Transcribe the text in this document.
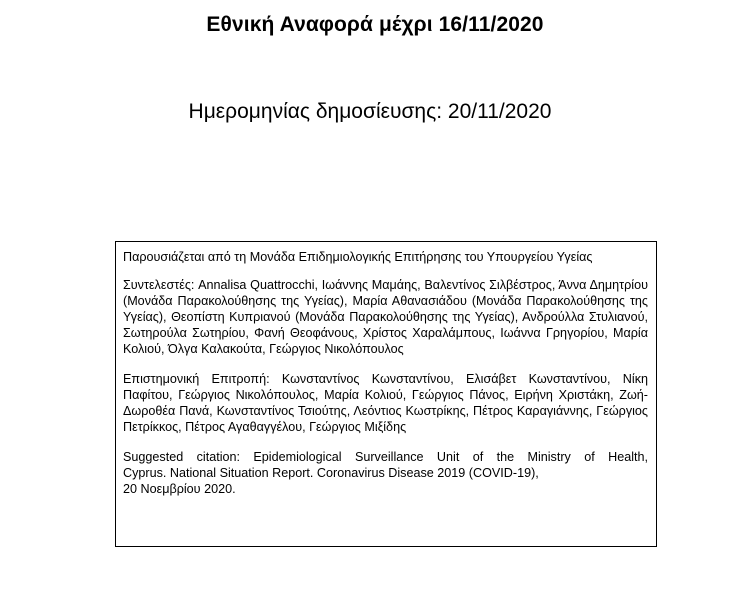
Εθνική Αναφορά μέχρι 16/11/2020
Ημερομηνίας δημοσίευσης: 20/11/2020

Παρουσιάζεται από τη Μονάδα Επιδημιολογικής Επιτήρησης του Υπουργείου Υγείας

Συντελεστές: Annalisa Quattrocchi, Ιωάννης Μαμάης, Βαλεντίνος Σιλβέστρος, Άννα Δημητρίου (Μονάδα Παρακολούθησης της Υγείας), Μαρία Αθανασιάδου (Μονάδα Παρακολούθησης της Υγείας), Θεοπίστη Κυπριανού (Μονάδα Παρακολούθησης της Υγείας), Ανδρούλλα Στυλιανού, Σωτηρούλα Σωτηρίου, Φανή Θεοφάνους, Χρίστος Χαραλάμπους, Ιωάννα Γρηγορίου, Μαρία Κολιού, Όλγα Καλακούτα, Γεώργιος Νικολόπουλος

Επιστημονική Επιτροπή: Κωνσταντίνος Κωνσταντίνου, Ελισάβετ Κωνσταντίνου, Νίκη Παφίτου, Γεώργιος Νικολόπουλος, Μαρία Κολιού, Γεώργιος Πάνος, Ειρήνη Χριστάκη, Ζωή-Δωροθέα Πανά, Κωνσταντίνος Τσιούτης, Λεόντιος Κωστρίκης, Πέτρος Καραγιάννης, Γεώργιος Πετρίκκος, Πέτρος Αγαθαγγέλου, Γεώργιος Μιξίδης

Suggested citation: Epidemiological Surveillance Unit of the Ministry of Health,
Cyprus. National Situation Report. Coronavirus Disease 2019 (COVID-19),
20 Νοεμβρίου 2020.
